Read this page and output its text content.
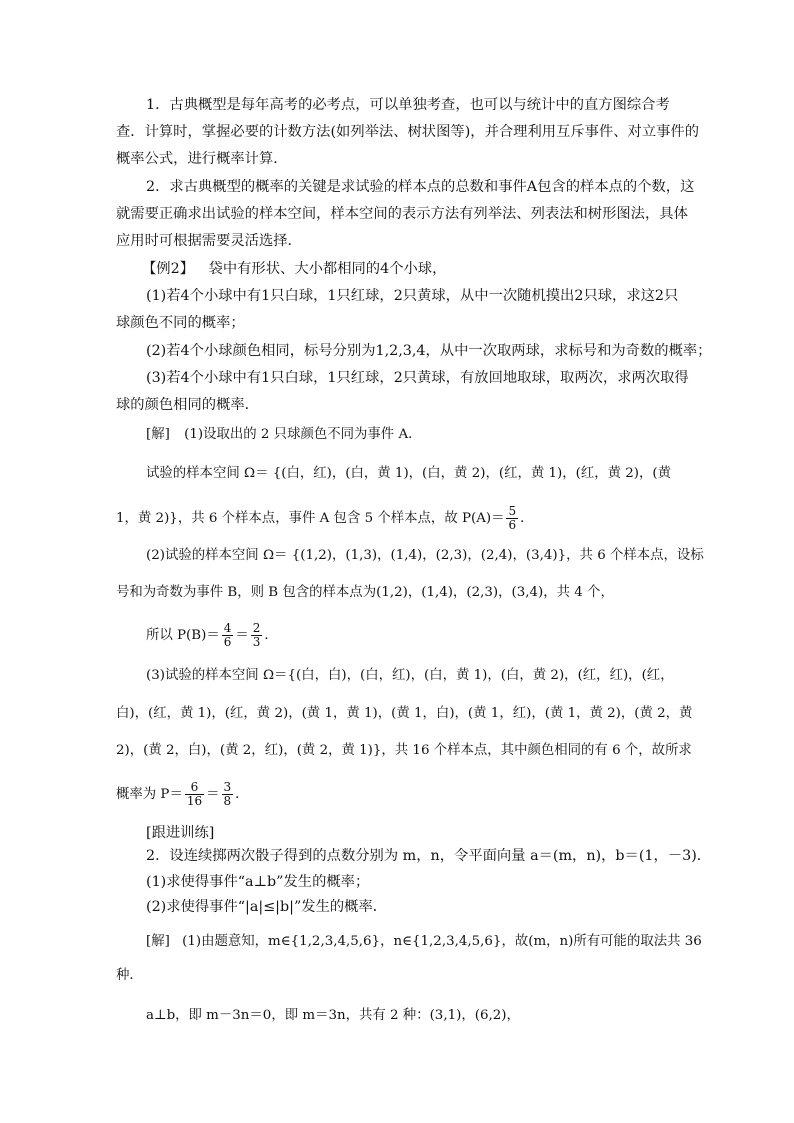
1．古典概型是每年高考的必考点，可以单独考查，也可以与统计中的直方图综合考
查．计算时，掌握必要的计数方法(如列举法、树状图等)，并合理利用互斥事件、对立事件的
概率公式，进行概率计算．
2．求古典概型的概率的关键是求试验的样本点的总数和事件A包含的样本点的个数，这
就需要正确求出试验的样本空间，样本空间的表示方法有列举法、列表法和树形图法，具体
应用时可根据需要灵活选择．
【例2】 袋中有形状、大小都相同的4个小球，
(1)若4个小球中有1只白球，1只红球，2只黄球，从中一次随机摸出2只球，求这2只
球颜色不同的概率；
(2)若4个小球颜色相同，标号分别为1,2,3,4，从中一次取两球，求标号和为奇数的概率；
(3)若4个小球中有1只白球，1只红球，2只黄球，有放回地取球，取两次，求两次取得
球的颜色相同的概率．
[解] (1)设取出的 2 只球颜色不同为事件 A．
试验的样本空间 Ω＝ {(白，红)，(白，黄 1)，(白，黄 2)，(红，黄 1)，(红，黄 2)，(黄
1，黄 2)}，共 6 个样本点，事件 A 包含 5 个样本点，故 $P(A)= \frac{5}{6}$ ．
(2)试验的样本空间 Ω＝ {(1,2)，(1,3)，(1,4)，(2,3)，(2,4)，(3,4)}，共 6 个样本点，设标
号和为奇数为事件 B，则 B 包含的样本点为(1,2)，(1,4)，(2,3)，(3,4)，共 4 个，
所以 $P(B)= \frac{4}{6} = \frac{2}{3}$ ．
(3)试验的样本空间 Ω＝{(白，白)，(白，红)，(白，黄 1)，(白，黄 2)，(红，红)，(红，
白)，(红，黄 1)，(红，黄 2)，(黄 1，黄 1)，(黄 1，白)，(黄 1，红)，(黄 1，黄 2)，(黄 2，黄
2)，(黄 2，白)，(黄 2，红)，(黄 2，黄 1)}，共 16 个样本点，其中颜色相同的有 6 个，故所求
概率为 $P= \frac{6}{16} = \frac{3}{8}$ ．
[跟进训练]
2．设连续掷两次骰子得到的点数分别为 m，n，令平面向量 a＝(m，n)，b＝(1，－3)．
(1)求使得事件“a⊥b”发生的概率；
(2)求使得事件“|a|≤|b|”发生的概率．
[解] (1)由题意知，m∈{1,2,3,4,5,6}，n∈{1,2,3,4,5,6}，故(m，n)所有可能的取法共 36
种．
a⊥b，即 m－3n＝0，即 m＝3n，共有 2 种：(3,1)，(6,2)，
